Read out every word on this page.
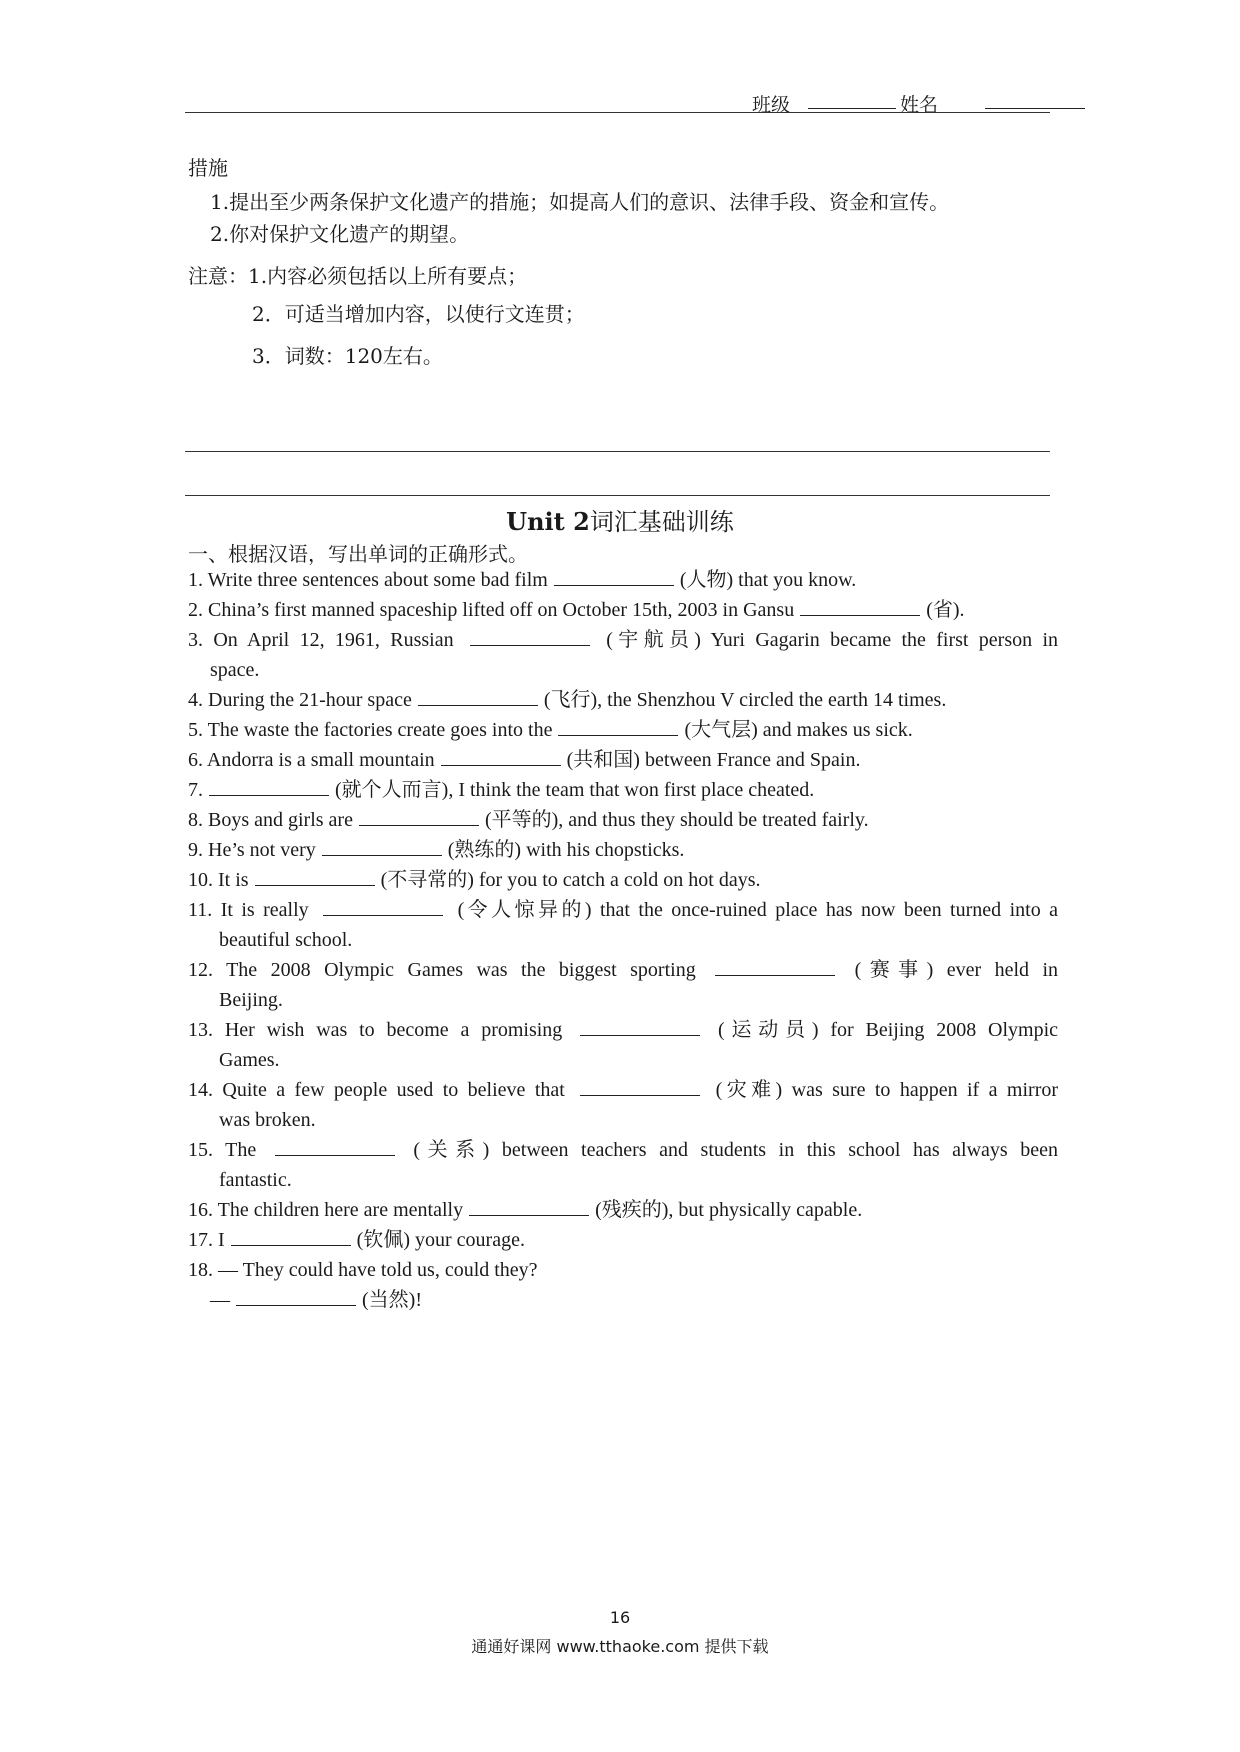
班级	姓名
措施
1.提出至少两条保护文化遗产的措施；如提高人们的意识、法律手段、资金和宣传。
2.你对保护文化遗产的期望。
注意：1.内容必须包括以上所有要点；
2．可适当增加内容，以使行文连贯；
3．词数：120左右。
Unit 2词汇基础训练
一、根据汉语，写出单词的正确形式。
1. Write three sentences about some bad film	(人物) that you know.
2. China’s first manned spaceship lifted off on October 15th, 2003 in Gansu	(省).
3. On April 12, 1961, Russian	(宇航员) Yuri Gagarin became the first person in
space.
4. During the 21-hour space	(飞行), the Shenzhou V circled the earth 14 times.
5. The waste the factories create goes into the	(大气层) and makes us sick.
6. Andorra is a small mountain	(共和国) between France and Spain.
7.	(就个人而言), I think the team that won first place cheated.
8. Boys and girls are	(平等的), and thus they should be treated fairly.
9. He’s not very	(熟练的) with his chopsticks.
10. It is	(不寻常的) for you to catch a cold on hot days.
11. It is really	(令人惊异的) that the once-ruined place has now been turned into a
beautiful school.
12. The 2008 Olympic Games was the biggest sporting	(赛事) ever held in
Beijing.
13. Her wish was to become a promising	(运动员) for Beijing 2008 Olympic
Games.
14. Quite a few people used to believe that	(灾难) was sure to happen if a mirror
was broken.
15. The	(关系) between teachers and students in this school has always been
fantastic.
16. The children here are mentally	(残疾的), but physically capable.
17. I	(钦佩) your courage.
18. — They could have told us, could they?
—	(当然)!
16
通通好课网 www.tthaoke.com 提供下载
